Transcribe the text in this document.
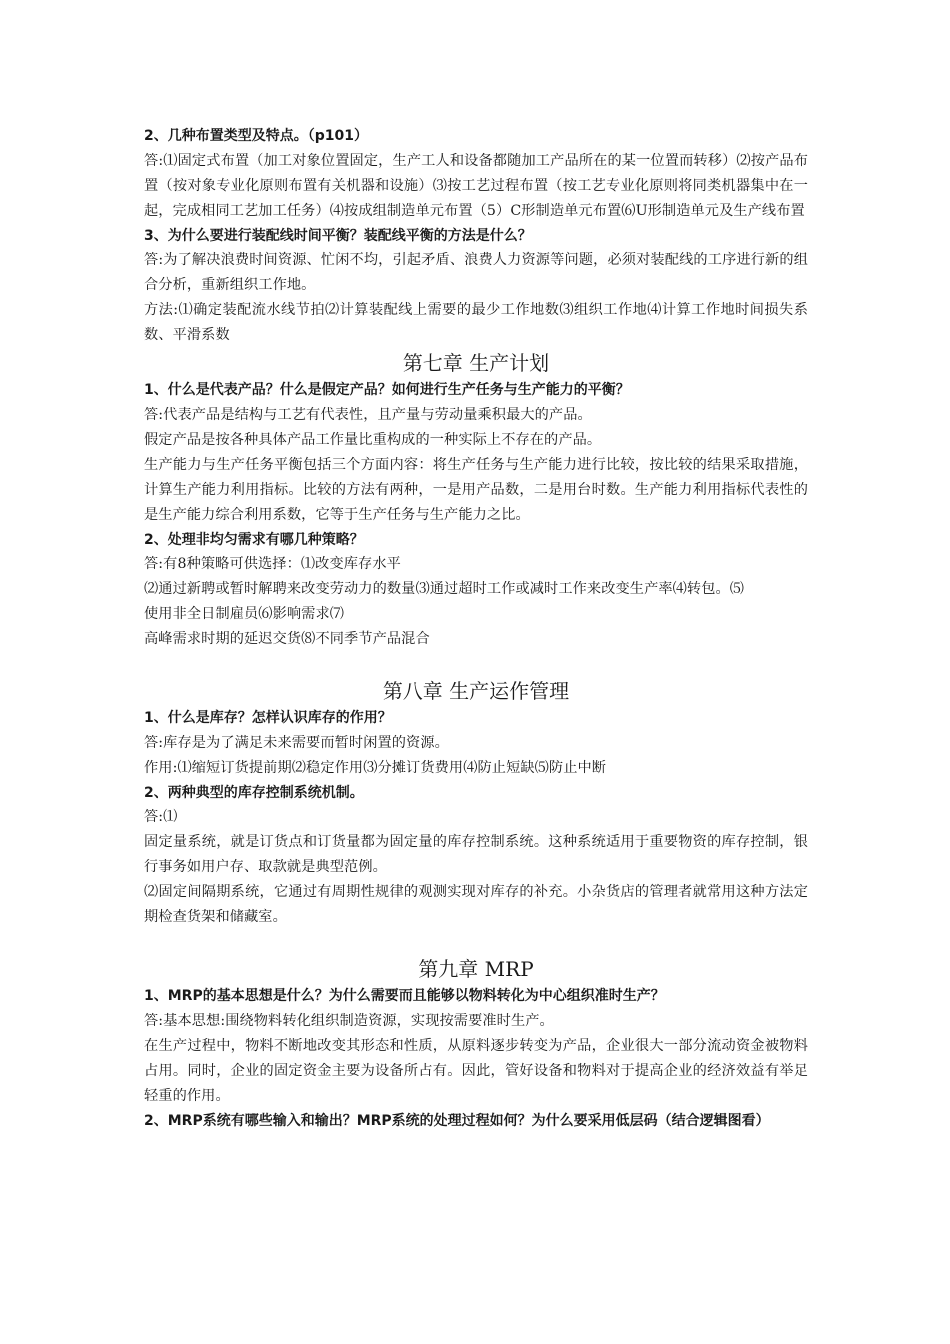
2、几种布置类型及特点。（p101）

答:⑴固定式布置（加工对象位置固定，生产工人和设备都随加工产品所在的某一位置而转移）⑵按产品布置（按对象专业化原则布置有关机器和设施）⑶按工艺过程布置（按工艺专业化原则将同类机器集中在一起，完成相同工艺加工任务）⑷按成组制造单元布置（5）C形制造单元布置⑹U形制造单元及生产线布置

3、为什么要进行装配线时间平衡？装配线平衡的方法是什么？

答:为了解决浪费时间资源、忙闲不均，引起矛盾、浪费人力资源等问题，必须对装配线的工序进行新的组合分析，重新组织工作地。

方法:⑴确定装配流水线节拍⑵计算装配线上需要的最少工作地数⑶组织工作地⑷计算工作地时间损失系数、平滑系数

第七章 生产计划

1、什么是代表产品？什么是假定产品？如何进行生产任务与生产能力的平衡？

答:代表产品是结构与工艺有代表性，且产量与劳动量乘积最大的产品。

假定产品是按各种具体产品工作量比重构成的一种实际上不存在的产品。

生产能力与生产任务平衡包括三个方面内容：将生产任务与生产能力进行比较，按比较的结果采取措施，计算生产能力利用指标。比较的方法有两种，一是用产品数，二是用台时数。生产能力利用指标代表性的是生产能力综合利用系数，它等于生产任务与生产能力之比。

2、处理非均匀需求有哪几种策略？

答:有8种策略可供选择：⑴改变库存水平

⑵通过新聘或暂时解聘来改变劳动力的数量⑶通过超时工作或减时工作来改变生产率⑷转包。⑸

使用非全日制雇员⑹影响需求⑺

高峰需求时期的延迟交货⑻不同季节产品混合

第八章 生产运作管理

1、什么是库存？怎样认识库存的作用？

答:库存是为了满足未来需要而暂时闲置的资源。

作用:⑴缩短订货提前期⑵稳定作用⑶分摊订货费用⑷防止短缺⑸防止中断

2、两种典型的库存控制系统机制。

答:⑴

固定量系统，就是订货点和订货量都为固定量的库存控制系统。这种系统适用于重要物资的库存控制，银行事务如用户存、取款就是典型范例。

⑵固定间隔期系统，它通过有周期性规律的观测实现对库存的补充。小杂货店的管理者就常用这种方法定期检查货架和储藏室。

第九章 MRP

1、MRP的基本思想是什么？为什么需要而且能够以物料转化为中心组织准时生产？

答:基本思想:围绕物料转化组织制造资源，实现按需要准时生产。

在生产过程中，物料不断地改变其形态和性质，从原料逐步转变为产品，企业很大一部分流动资金被物料占用。同时，企业的固定资金主要为设备所占有。因此，管好设备和物料对于提高企业的经济效益有举足轻重的作用。

2、MRP系统有哪些输入和输出？MRP系统的处理过程如何？为什么要采用低层码（结合逻辑图看）
